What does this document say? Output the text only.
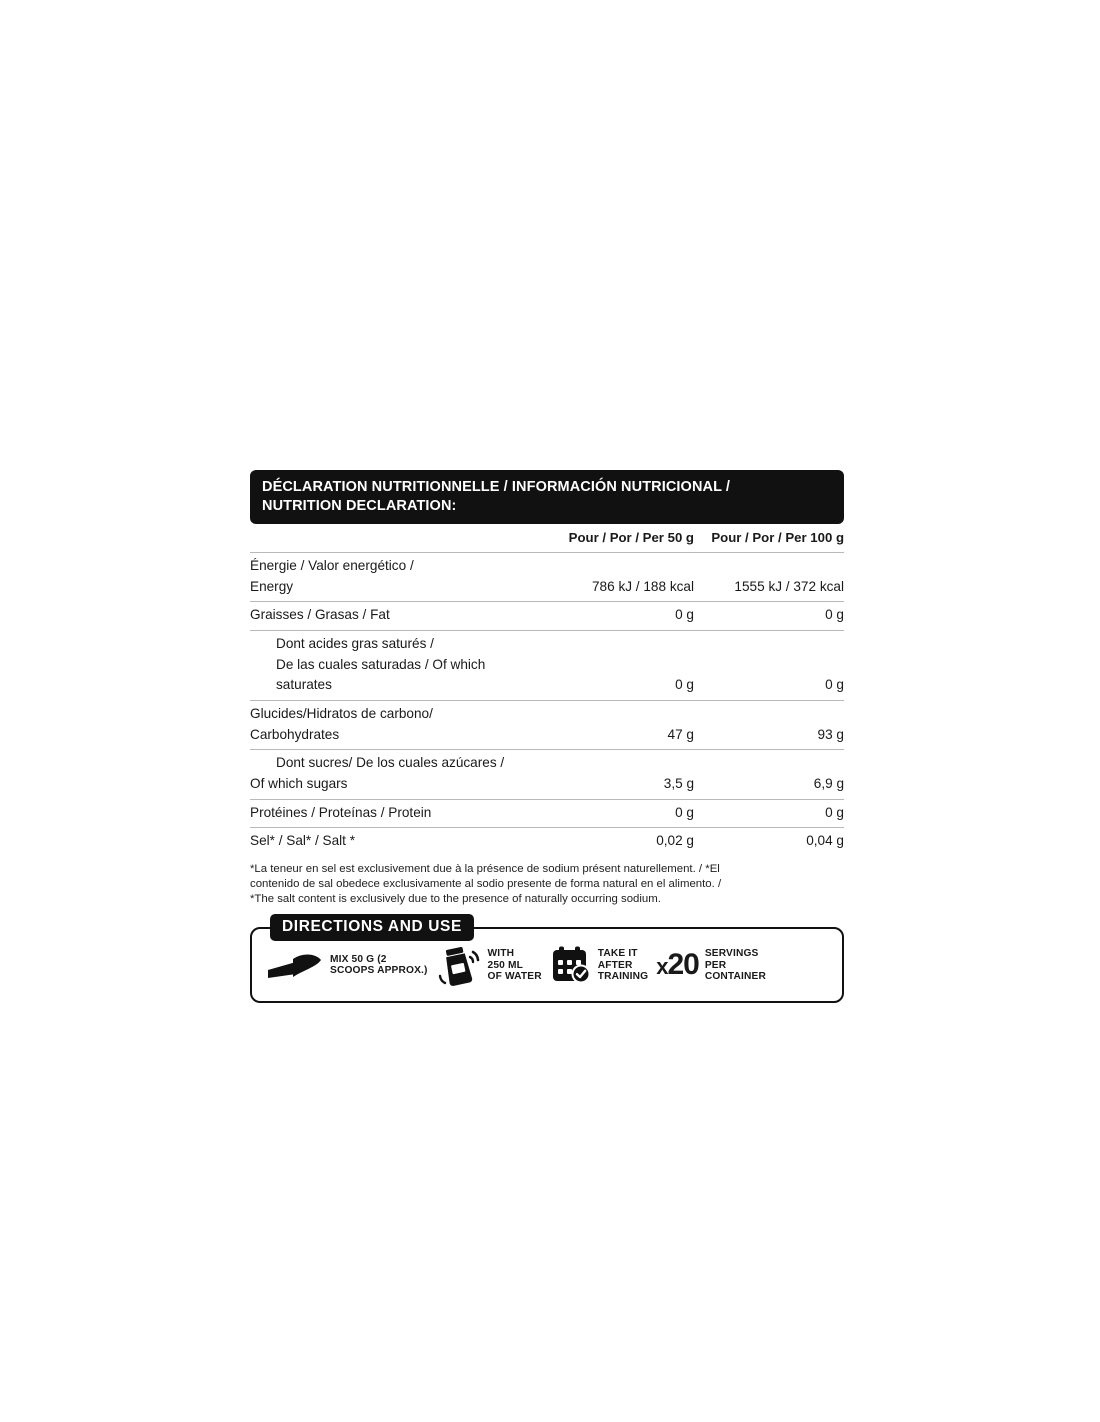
DÉCLARATION NUTRITIONNELLE / INFORMACIÓN NUTRICIONAL /
NUTRITION DECLARATION:
	Pour / Por / Per 50 g	Pour / Por / Per 100 g

Énergie / Valor energético /
Energy	786 kJ / 188 kcal	1555 kJ / 372 kcal

Graisses / Grasas / Fat	0 g	0 g

Dont acides gras saturés /
De las cuales saturadas / Of which saturates	0 g	0 g

Glucides/Hidratos de carbono/
Carbohydrates	47 g	93 g

Dont sucres/ De los cuales azúcares /
Of which sugars	3,5 g	6,9 g

Protéines / Proteínas / Protein	0 g	0 g

Sel* / Sal* / Salt *	0,02 g	0,04 g
*La teneur en sel est exclusivement due à la présence de sodium présent naturellement. / *El
contenido de sal obedece exclusivamente al sodio presente de forma natural en el alimento. /
*The salt content is exclusively due to the presence of naturally occurring sodium.
DIRECTIONS AND USE
MIX 50 G (2
SCOOPS APPROX.)
WITH
250 ML
OF WATER
TAKE IT
AFTER
TRAINING x20 SERVINGS
PER
CONTAINER
